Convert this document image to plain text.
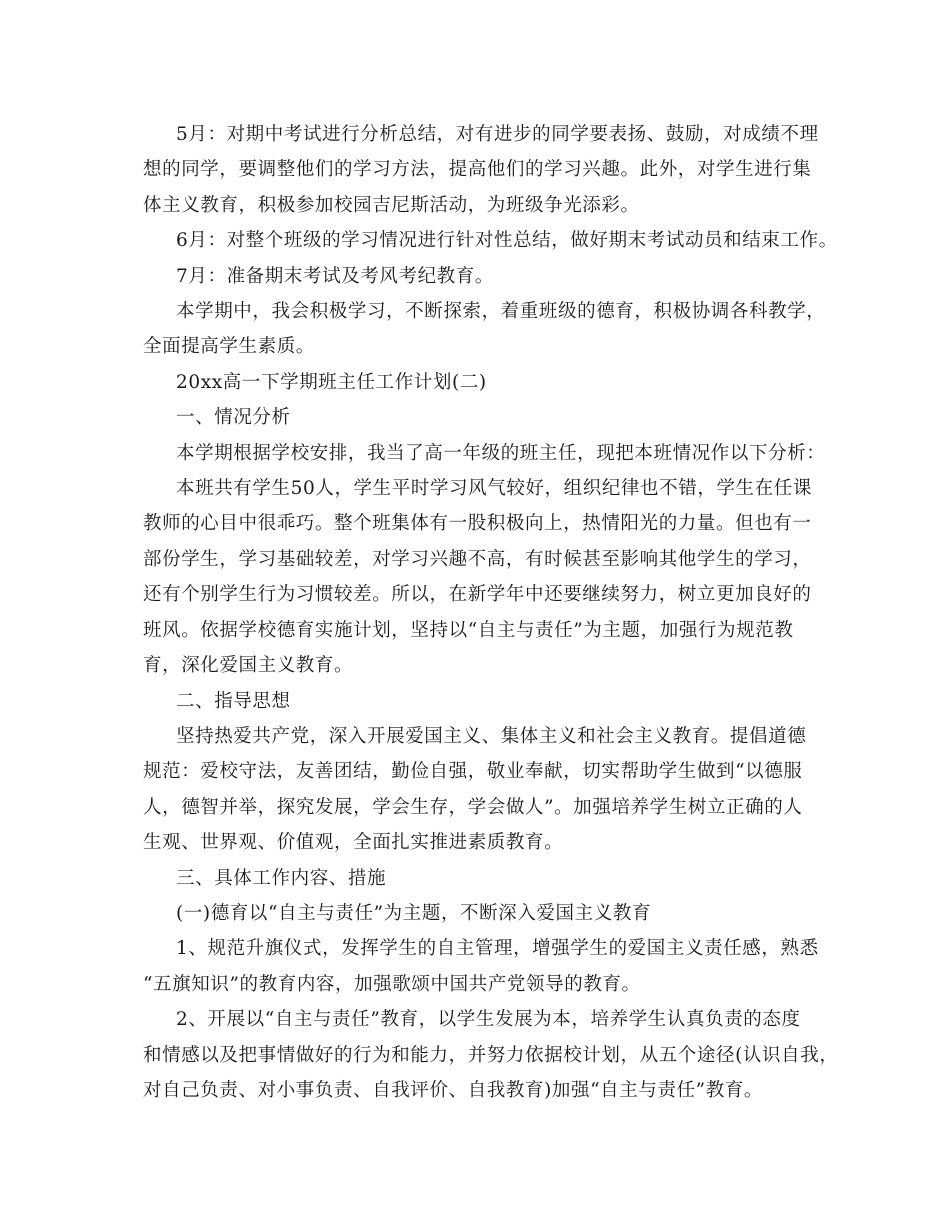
5月：对期中考试进行分析总结，对有进步的同学要表扬、鼓励，对成绩不理
想的同学，要调整他们的学习方法，提高他们的学习兴趣。此外，对学生进行集
体主义教育，积极参加校园吉尼斯活动，为班级争光添彩。
6月：对整个班级的学习情况进行针对性总结，做好期末考试动员和结束工作。
7月：准备期末考试及考风考纪教育。
本学期中，我会积极学习，不断探索，着重班级的德育，积极协调各科教学，
全面提高学生素质。
20xx高一下学期班主任工作计划(二)
一、情况分析
本学期根据学校安排，我当了高一年级的班主任，现把本班情况作以下分析：
本班共有学生50人，学生平时学习风气较好，组织纪律也不错，学生在任课
教师的心目中很乖巧。整个班集体有一股积极向上，热情阳光的力量。但也有一
部份学生，学习基础较差，对学习兴趣不高，有时候甚至影响其他学生的学习，
还有个别学生行为习惯较差。所以，在新学年中还要继续努力，树立更加良好的
班风。依据学校德育实施计划，坚持以“自主与责任”为主题，加强行为规范教
育，深化爱国主义教育。
二、指导思想
坚持热爱共产党，深入开展爱国主义、集体主义和社会主义教育。提倡道德
规范：爱校守法，友善团结，勤俭自强，敬业奉献，切实帮助学生做到“以德服
人，德智并举，探究发展，学会生存，学会做人”。加强培养学生树立正确的人
生观、世界观、价值观，全面扎实推进素质教育。
三、具体工作内容、措施
(一)德育以“自主与责任”为主题，不断深入爱国主义教育
1、规范升旗仪式，发挥学生的自主管理，增强学生的爱国主义责任感，熟悉
“五旗知识”的教育内容，加强歌颂中国共产党领导的教育。
2、开展以“自主与责任”教育，以学生发展为本，培养学生认真负责的态度
和情感以及把事情做好的行为和能力，并努力依据校计划，从五个途径(认识自我，
对自己负责、对小事负责、自我评价、自我教育)加强“自主与责任”教育。
